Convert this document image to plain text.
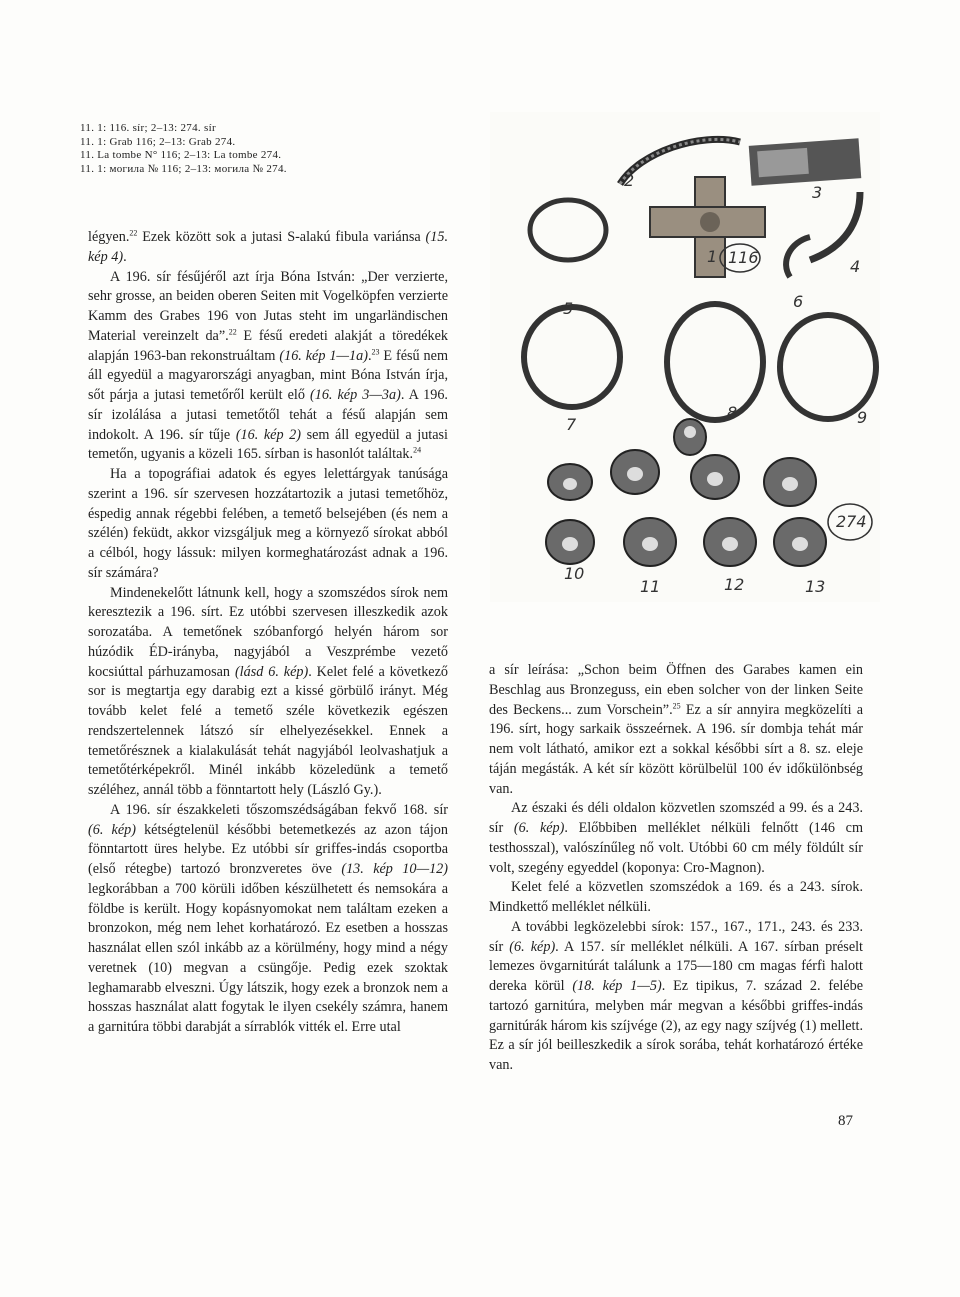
11. 1: 116. sír; 2–13: 274. sír
11. 1: Grab 116; 2–13: Grab 274.
11. La tombe N° 116; 2–13: La tombe 274.
11. 1: могила № 116; 2–13: могила № 274.
1 116
2
3
4
5	6
7
8	9
274
10
11	12	13

légyen.$^{22}$ Ezek között sok a jutasi S-alakú fibula variánsa (15. kép 4).

A 196. sír fésűjéről azt írja Bóna István: „Der verzierte, sehr grosse, an beiden oberen Seiten mit Vogelköpfen verzierte Kamm des Grabes 196 von Jutas steht im ungarländischen Material vereinzelt da”.$^{22}$ E fésű eredeti alakját a töredékek alapján 1963-ban rekonstruáltam (16. kép 1—1a).$^{23}$ E fésű nem áll egyedül a magyarországi anyagban, mint Bóna István írja, sőt párja a jutasi temetőről került elő (16. kép 3—3a). A 196. sír izolálása a jutasi temetőtől tehát a fésű alapján sem indokolt. A 196. sír tűje (16. kép 2) sem áll egyedül a jutasi temetőn, ugyanis a közeli 165. sírban is hasonlót találtak.$^{24}$

Ha a topográfiai adatok és egyes lelettárgyak tanúsága szerint a 196. sír szervesen hozzátartozik a jutasi temetőhöz, éspedig annak régebbi felében, a temető belsejében (és nem a szélén) feküdt, akkor vizsgáljuk meg a környező sírokat abból a célból, hogy lássuk: milyen kormeghatározást adnak a 196. sír számára?

Mindenekelőtt látnunk kell, hogy a szomszédos sírok nem keresztezik a 196. sírt. Ez utóbbi szervesen illeszkedik azok sorozatába. A temetőnek szóbanforgó helyén három sor húzódik ÉD-irányba, nagyjából a Veszprémbe vezető kocsiúttal párhuzamosan (lásd 6. kép). Kelet felé a következő sor is megtartja egy darabig ezt a kissé görbülő irányt. Még tovább kelet felé a temető széle következik egészen rendszertelennek látszó sír elhelyezésekkel. Ennek a temetőrésznek a kialakulását tehát nagyjából leolvashatjuk a temetőtérképekről. Minél inkább közeledünk a temető széléhez, annál több a fönntartott hely (László Gy.).

A 196. sír északkeleti tőszomszédságában fekvő 168. sír (6. kép) kétségtelenül későbbi betemetkezés az azon tájon fönntartott üres helybe. Ez utóbbi sír griffes-indás csoportba (első rétegbe) tartozó bronzveretes öve (13. kép 10—12) legkorábban a 700 körüli időben készülhetett és nemsokára a földbe is került. Hogy kopásnyomokat nem találtam ezeken a bronzokon, még nem lehet korhatározó. Ez esetben a hosszas használat ellen szól inkább az a körülmény, hogy mind a négy veretnek (10) megvan a csüngője. Pedig ezek szoktak leghamarabb elveszni. Úgy látszik, hogy ezek a bronzok nem a hosszas használat alatt fogytak le ilyen csekély számra, hanem a garnitúra többi darabját a sírrablók vitték el. Erre utal

a sír leírása: „Schon beim Öffnen des Garabes kamen ein Beschlag aus Bronzeguss, ein eben solcher von der linken Seite des Beckens... zum Vorschein”.$^{25}$ Ez a sír annyira megközelíti a 196. sírt, hogy sarkaik összeérnek. A 196. sír dombja tehát már nem volt látható, amikor ezt a sokkal későbbi sírt a 8. sz. eleje táján megásták. A két sír között körülbelül 100 év időkülönbség van.

Az északi és déli oldalon közvetlen szomszéd a 99. és a 243. sír (6. kép). Előbbiben melléklet nélküli felnőtt (146 cm testhosszal), valószínűleg nő volt. Utóbbi 60 cm mély földúlt sír volt, szegény egyeddel (koponya: Cro-Magnon).

Kelet felé a közvetlen szomszédok a 169. és a 243. sírok. Mindkettő melléklet nélküli.

A további legközelebbi sírok: 157., 167., 171., 243. és 233. sír (6. kép). A 157. sír melléklet nélküli. A 167. sírban préselt lemezes övgarnitúrát találunk a 175—180 cm magas férfi halott dereka körül (18. kép 1—5). Ez tipikus, 7. század 2. felébe tartozó garnitúra, melyben már megvan a későbbi griffes-indás garnitúrák három kis szíjvége (2), az egy nagy szíjvég (1) mellett. Ez a sír jól beilleszkedik a sírok sorába, tehát korhatározó értéke van.

87
